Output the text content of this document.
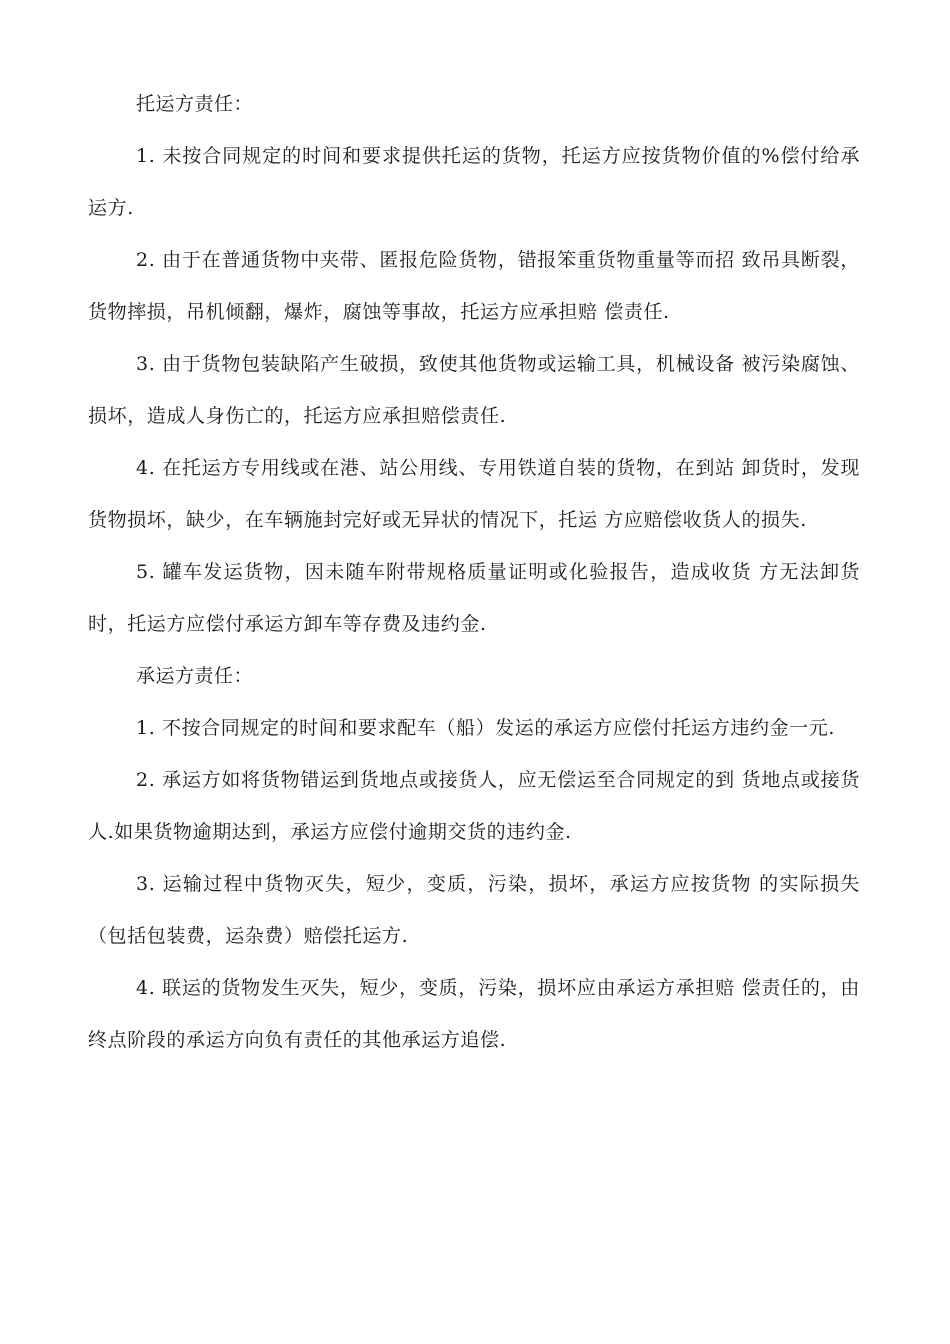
托运方责任：

1. 未按合同规定的时间和要求提供托运的货物，托运方应按货物价值的%偿付给承运方.

2. 由于在普通货物中夹带、匿报危险货物，错报笨重货物重量等而招 致吊具断裂，货物摔损，吊机倾翻，爆炸，腐蚀等事故，托运方应承担赔 偿责任.

3. 由于货物包装缺陷产生破损，致使其他货物或运输工具，机械设备 被污染腐蚀、损坏，造成人身伤亡的，托运方应承担赔偿责任.

4. 在托运方专用线或在港、站公用线、专用铁道自装的货物，在到站 卸货时，发现货物损坏，缺少，在车辆施封完好或无异状的情况下，托运 方应赔偿收货人的损失.

5. 罐车发运货物，因未随车附带规格质量证明或化验报告，造成收货 方无法卸货时，托运方应偿付承运方卸车等存费及违约金.

承运方责任：

1. 不按合同规定的时间和要求配车（船）发运的承运方应偿付托运方违约金一元.

2. 承运方如将货物错运到货地点或接货人，应无偿运至合同规定的到 货地点或接货人.如果货物逾期达到，承运方应偿付逾期交货的违约金.

3. 运输过程中货物灭失，短少，变质，污染，损坏，承运方应按货物 的实际损失（包括包装费，运杂费）赔偿托运方.

4. 联运的货物发生灭失，短少，变质，污染，损坏应由承运方承担赔 偿责任的，由终点阶段的承运方向负有责任的其他承运方追偿.
